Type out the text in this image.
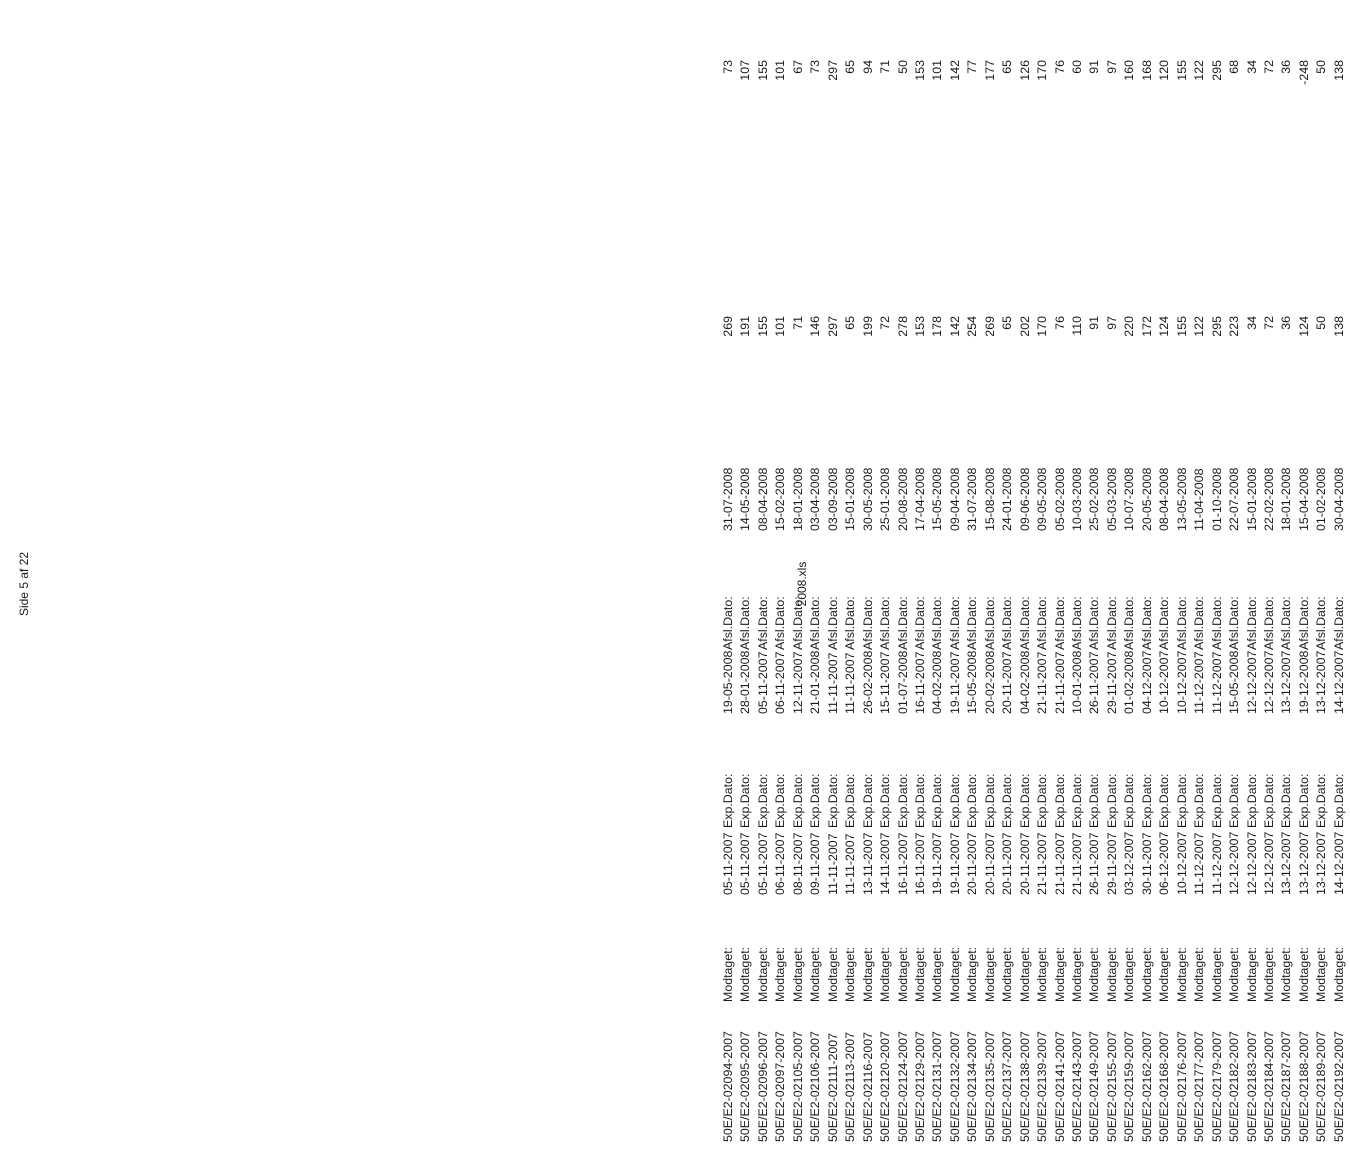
2008.xls
Side 5 af 22
50E/E2-02094-2007
Modtaget:
05-11-2007
Exp.Dato:
19-05-2008
Afsl.Dato:
31-07-2008
269
73
50E/E2-02095-2007
Modtaget:
05-11-2007
Exp.Dato:
28-01-2008
Afsl.Dato:
14-05-2008
191
107
50E/E2-02096-2007
Modtaget:
05-11-2007
Exp.Dato:
05-11-2007
Afsl.Dato:
08-04-2008
155
155
50E/E2-02097-2007
Modtaget:
06-11-2007
Exp.Dato:
06-11-2007
Afsl.Dato:
15-02-2008
101
101
50E/E2-02105-2007
Modtaget:
08-11-2007
Exp.Dato:
12-11-2007
Afsl.Dato:
18-01-2008
71
67
50E/E2-02106-2007
Modtaget:
09-11-2007
Exp.Dato:
21-01-2008
Afsl.Dato:
03-04-2008
146
73
50E/E2-02111-2007
Modtaget:
11-11-2007
Exp.Dato:
11-11-2007
Afsl.Dato:
03-09-2008
297
297
50E/E2-02113-2007
Modtaget:
11-11-2007
Exp.Dato:
11-11-2007
Afsl.Dato:
15-01-2008
65
65
50E/E2-02116-2007
Modtaget:
13-11-2007
Exp.Dato:
26-02-2008
Afsl.Dato:
30-05-2008
199
94
50E/E2-02120-2007
Modtaget:
14-11-2007
Exp.Dato:
15-11-2007
Afsl.Dato:
25-01-2008
72
71
50E/E2-02124-2007
Modtaget:
16-11-2007
Exp.Dato:
01-07-2008
Afsl.Dato:
20-08-2008
278
50
50E/E2-02129-2007
Modtaget:
16-11-2007
Exp.Dato:
16-11-2007
Afsl.Dato:
17-04-2008
153
153
50E/E2-02131-2007
Modtaget:
19-11-2007
Exp.Dato:
04-02-2008
Afsl.Dato:
15-05-2008
178
101
50E/E2-02132-2007
Modtaget:
19-11-2007
Exp.Dato:
19-11-2007
Afsl.Dato:
09-04-2008
142
142
50E/E2-02134-2007
Modtaget:
20-11-2007
Exp.Dato:
15-05-2008
Afsl.Dato:
31-07-2008
254
77
50E/E2-02135-2007
Modtaget:
20-11-2007
Exp.Dato:
20-02-2008
Afsl.Dato:
15-08-2008
269
177
50E/E2-02137-2007
Modtaget:
20-11-2007
Exp.Dato:
20-11-2007
Afsl.Dato:
24-01-2008
65
65
50E/E2-02138-2007
Modtaget:
20-11-2007
Exp.Dato:
04-02-2008
Afsl.Dato:
09-06-2008
202
126
50E/E2-02139-2007
Modtaget:
21-11-2007
Exp.Dato:
21-11-2007
Afsl.Dato:
09-05-2008
170
170
50E/E2-02141-2007
Modtaget:
21-11-2007
Exp.Dato:
21-11-2007
Afsl.Dato:
05-02-2008
76
76
50E/E2-02143-2007
Modtaget:
21-11-2007
Exp.Dato:
10-01-2008
Afsl.Dato:
10-03-2008
110
60
50E/E2-02149-2007
Modtaget:
26-11-2007
Exp.Dato:
26-11-2007
Afsl.Dato:
25-02-2008
91
91
50E/E2-02155-2007
Modtaget:
29-11-2007
Exp.Dato:
29-11-2007
Afsl.Dato:
05-03-2008
97
97
50E/E2-02159-2007
Modtaget:
03-12-2007
Exp.Dato:
01-02-2008
Afsl.Dato:
10-07-2008
220
160
50E/E2-02162-2007
Modtaget:
30-11-2007
Exp.Dato:
04-12-2007
Afsl.Dato:
20-05-2008
172
168
50E/E2-02168-2007
Modtaget:
06-12-2007
Exp.Dato:
10-12-2007
Afsl.Dato:
08-04-2008
124
120
50E/E2-02176-2007
Modtaget:
10-12-2007
Exp.Dato:
10-12-2007
Afsl.Dato:
13-05-2008
155
155
50E/E2-02177-2007
Modtaget:
11-12-2007
Exp.Dato:
11-12-2007
Afsl.Dato:
11-04-2008
122
122
50E/E2-02179-2007
Modtaget:
11-12-2007
Exp.Dato:
11-12-2007
Afsl.Dato:
01-10-2008
295
295
50E/E2-02182-2007
Modtaget:
12-12-2007
Exp.Dato:
15-05-2008
Afsl.Dato:
22-07-2008
223
68
50E/E2-02183-2007
Modtaget:
12-12-2007
Exp.Dato:
12-12-2007
Afsl.Dato:
15-01-2008
34
34
50E/E2-02184-2007
Modtaget:
12-12-2007
Exp.Dato:
12-12-2007
Afsl.Dato:
22-02-2008
72
72
50E/E2-02187-2007
Modtaget:
13-12-2007
Exp.Dato:
13-12-2007
Afsl.Dato:
18-01-2008
36
36
50E/E2-02188-2007
Modtaget:
13-12-2007
Exp.Dato:
19-12-2008
Afsl.Dato:
15-04-2008
124
-248
50E/E2-02189-2007
Modtaget:
13-12-2007
Exp.Dato:
13-12-2007
Afsl.Dato:
01-02-2008
50
50
50E/E2-02192-2007
Modtaget:
14-12-2007
Exp.Dato:
14-12-2007
Afsl.Dato:
30-04-2008
138
138
